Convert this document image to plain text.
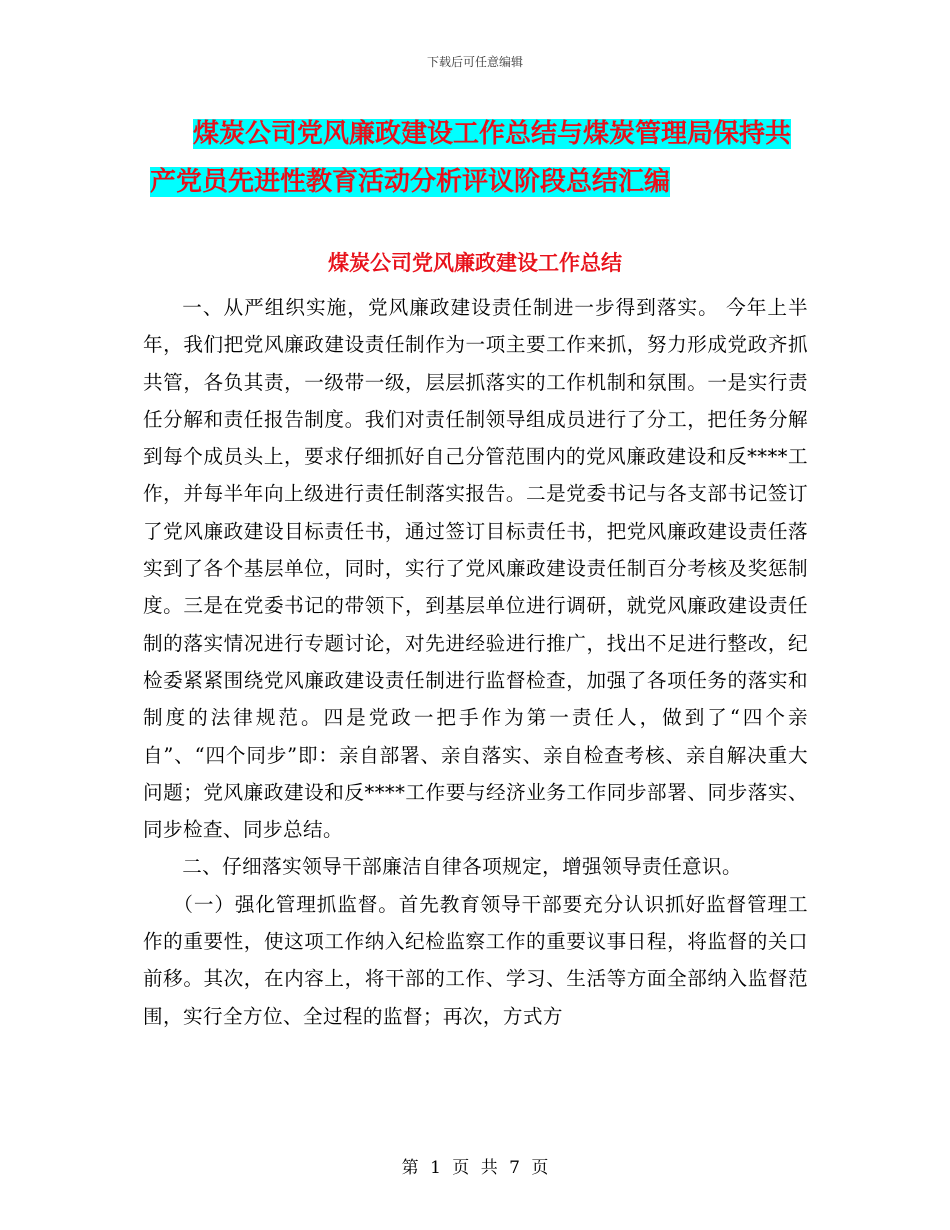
下载后可任意编辑
煤炭公司党风廉政建设工作总结与煤炭管理局保持共
产党员先进性教育活动分析评议阶段总结汇编
煤炭公司党风廉政建设工作总结

一、从严组织实施，党风廉政建设责任制进一步得到落实。 今年上半年，我们把党风廉政建设责任制作为一项主要工作来抓，努力形成党政齐抓共管，各负其责，一级带一级，层层抓落实的工作机制和氛围。一是实行责任分解和责任报告制度。我们对责任制领导组成员进行了分工，把任务分解到每个成员头上，要求仔细抓好自己分管范围内的党风廉政建设和反****工作，并每半年向上级进行责任制落实报告。二是党委书记与各支部书记签订了党风廉政建设目标责任书，通过签订目标责任书，把党风廉政建设责任落实到了各个基层单位，同时，实行了党风廉政建设责任制百分考核及奖惩制度。三是在党委书记的带领下，到基层单位进行调研，就党风廉政建设责任制的落实情况进行专题讨论，对先进经验进行推广，找出不足进行整改，纪检委紧紧围绕党风廉政建设责任制进行监督检查，加强了各项任务的落实和制度的法律规范。四是党政一把手作为第一责任人，做到了“四个亲自”、“四个同步”即：亲自部署、亲自落实、亲自检查考核、亲自解决重大问题；党风廉政建设和反****工作要与经济业务工作同步部署、同步落实、同步检查、同步总结。

二、仔细落实领导干部廉洁自律各项规定，增强领导责任意识。

（一）强化管理抓监督。首先教育领导干部要充分认识抓好监督管理工作的重要性，使这项工作纳入纪检监察工作的重要议事日程，将监督的关口前移。其次，在内容上，将干部的工作、学习、生活等方面全部纳入监督范围，实行全方位、全过程的监督；再次，方式方

第 1 页 共 7 页
